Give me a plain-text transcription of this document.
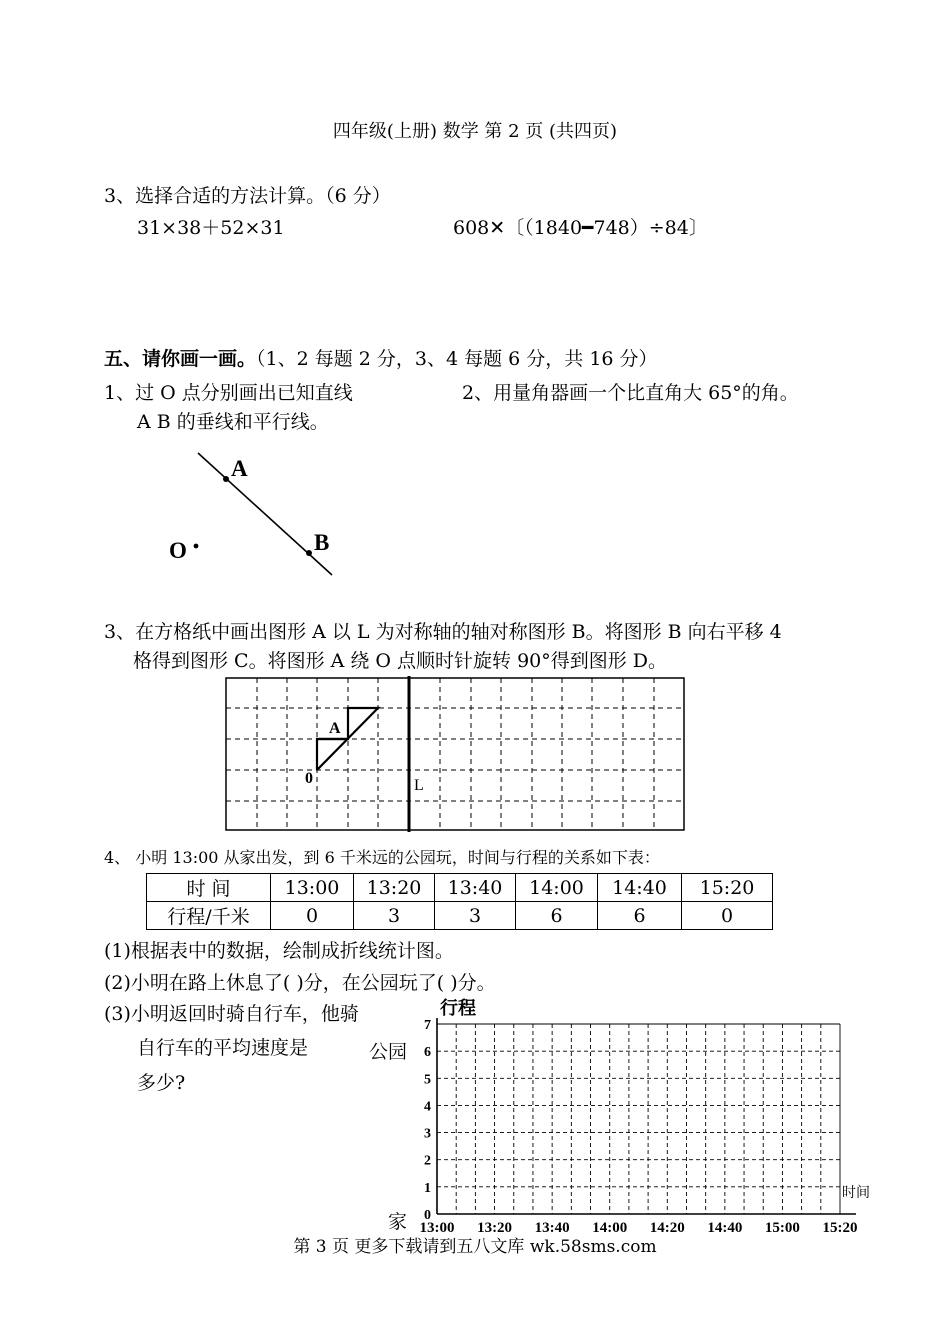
四年级(上册) 数学 第 2 页 (共四页)
3、选择合适的方法计算。（6 分）
31×38＋52×31	608✕〔（1840━748）÷84〕
五、请你画一画。（1、2 每题 2 分，3、4 每题 6 分，共 16 分）
1、过 O 点分别画出已知直线
A B 的垂线和平行线。
2、用量角器画一个比直角大 65°的角。
A
B
O
3、在方格纸中画出图形 A 以 L 为对称轴的轴对称图形 B。将图形 B 向右平移 4
格得到图形 C。将图形 A 绕 O 点顺时针旋转 90°得到图形 D。
A
0	L
4、 小明 13:00 从家出发，到 6 千米远的公园玩，时间与行程的关系如下表：
时 间	13:00	13:20	13:40	14:00	14:40	15:20
行程/千米	0	3	3	6	6	0
(1)根据表中的数据，绘制成折线统计图。
(2)小明在路上休息了( )分，在公园玩了( )分。
(3)小明返回时骑自行车，他骑
自行车的平均速度是
多少?
0
1
2
3
4
5
6
7
13:00 13:20 13:40 14:00 14:20 14:40 15:00 15:20
行程
时间
家
公园
第 3 页 更多下载请到五八文库 wk.58sms.com
